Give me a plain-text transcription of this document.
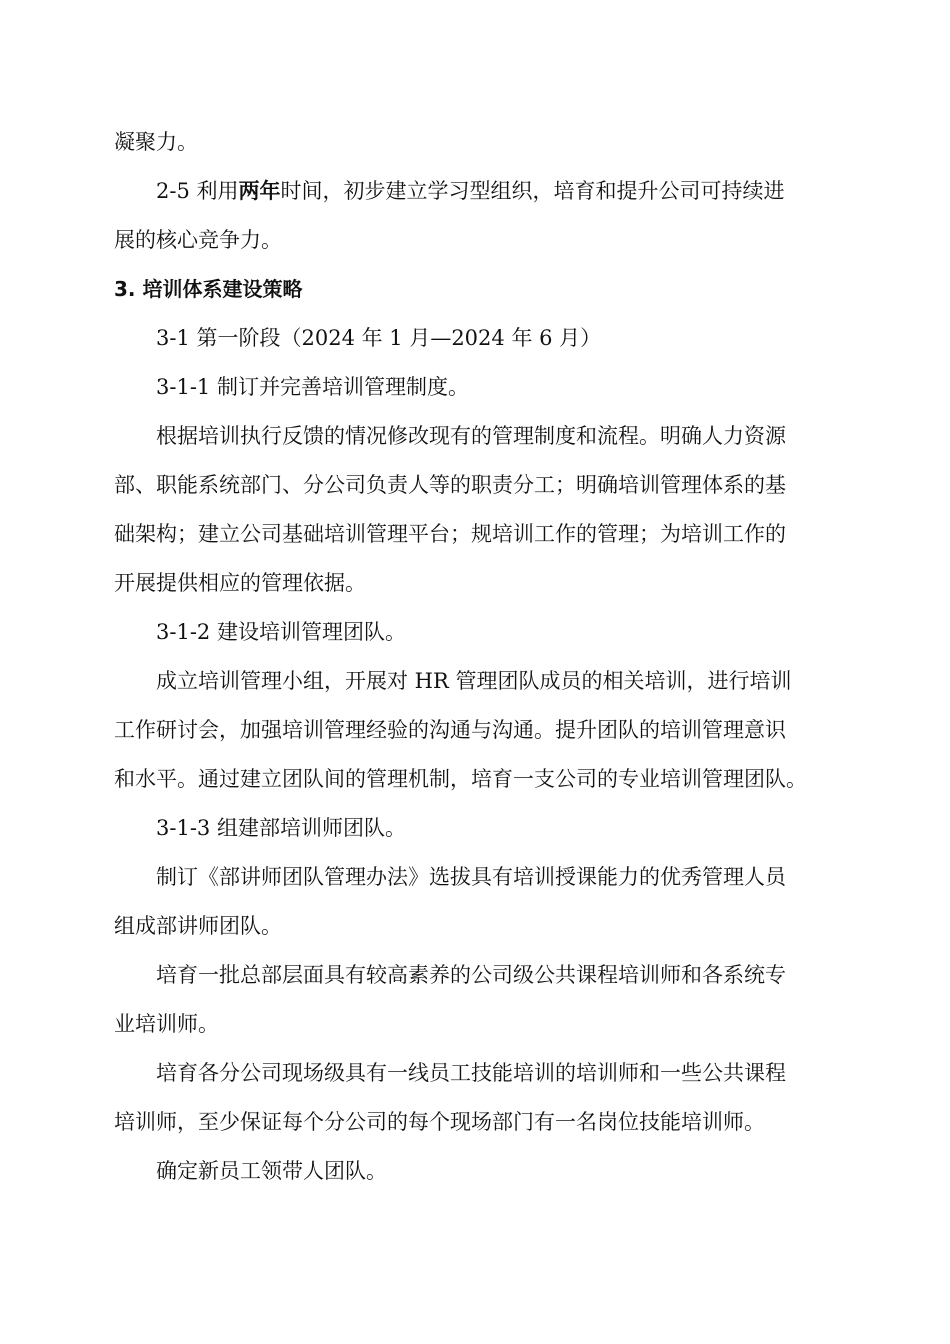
凝聚力。

2-5 利用两年时间，初步建立学习型组织，培育和提升公司可持续进

展的核心竞争力。

3. 培训体系建设策略

3-1 第一阶段（2024 年 1 月—2024 年 6 月）

3-1-1 制订并完善培训管理制度。

根据培训执行反馈的情况修改现有的管理制度和流程。明确人力资源

部、职能系统部门、分公司负责人等的职责分工；明确培训管理体系的基

础架构；建立公司基础培训管理平台；规培训工作的管理；为培训工作的

开展提供相应的管理依据。

3-1-2 建设培训管理团队。

成立培训管理小组，开展对 HR 管理团队成员的相关培训，进行培训

工作研讨会，加强培训管理经验的沟通与沟通。提升团队的培训管理意识

和水平。通过建立团队间的管理机制，培育一支公司的专业培训管理团队。

3-1-3 组建部培训师团队。

制订《部讲师团队管理办法》选拔具有培训授课能力的优秀管理人员

组成部讲师团队。

培育一批总部层面具有较高素养的公司级公共课程培训师和各系统专

业培训师。

培育各分公司现场级具有一线员工技能培训的培训师和一些公共课程

培训师，至少保证每个分公司的每个现场部门有一名岗位技能培训师。

确定新员工领带人团队。
